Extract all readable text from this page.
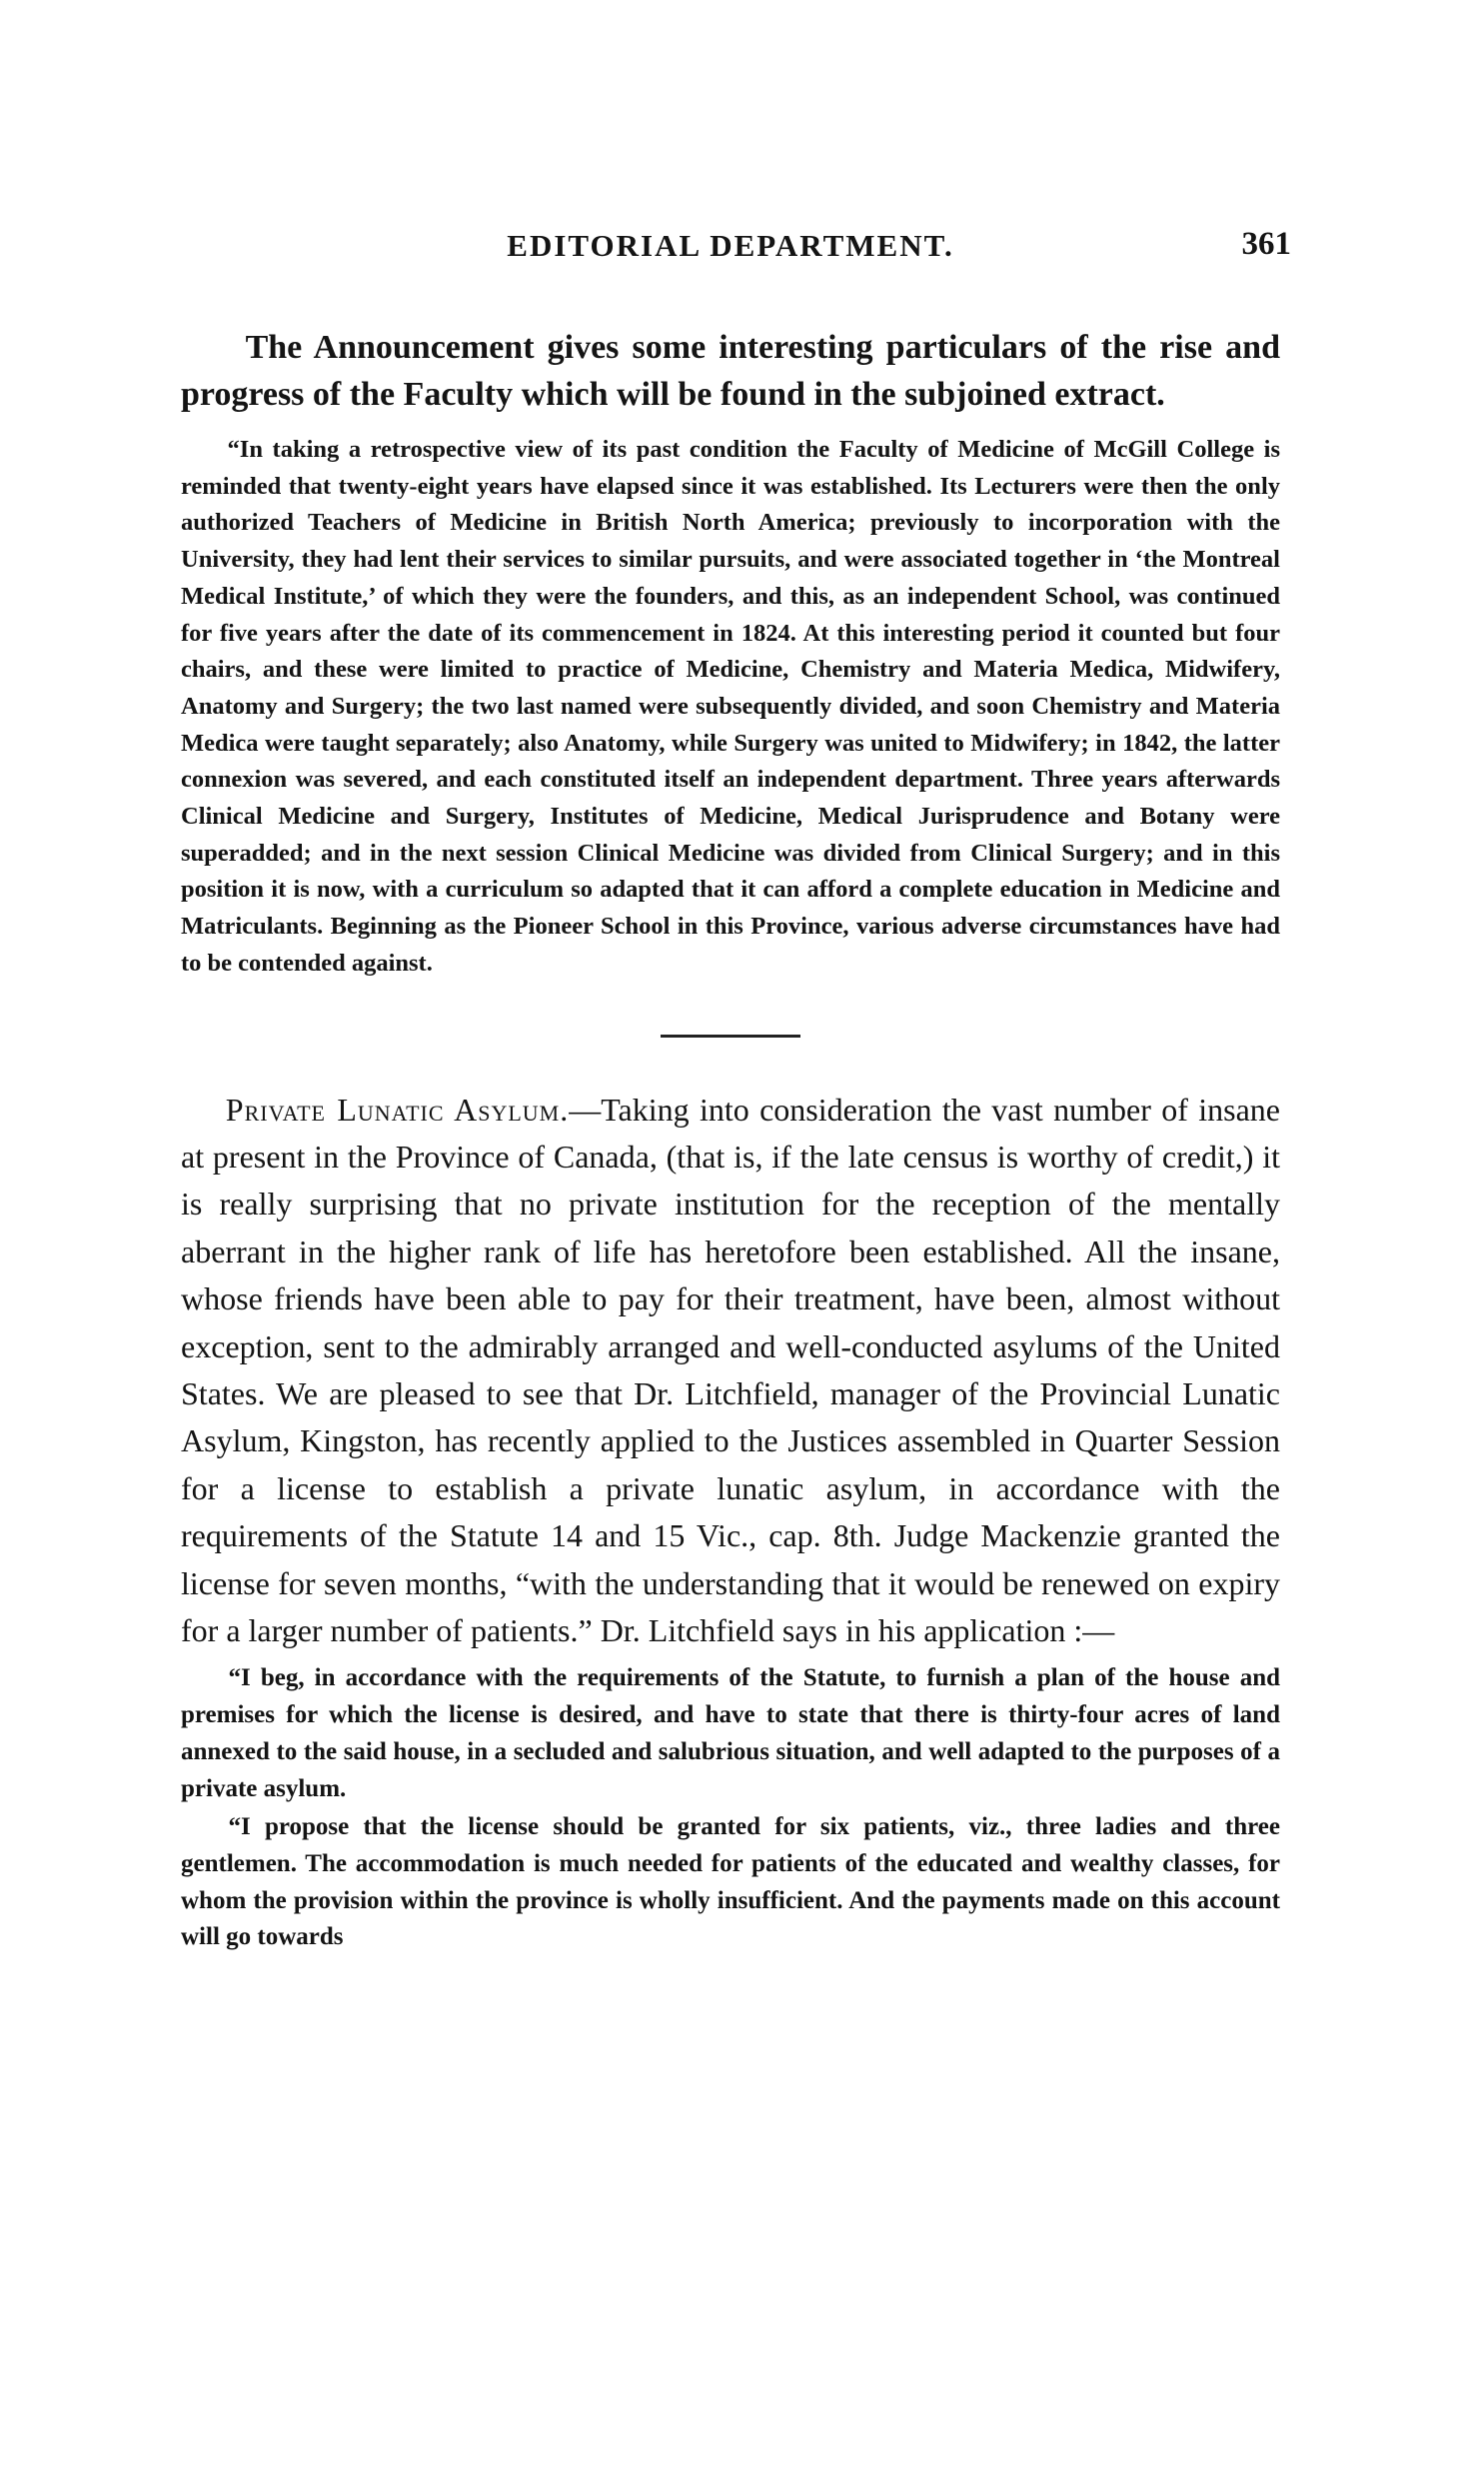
EDITORIAL DEPARTMENT.	361

The Announcement gives some interesting particulars of the rise and progress of the Faculty which will be found in the subjoined extract.

“In taking a retrospective view of its past condition the Faculty of Medicine of McGill College is reminded that twenty-eight years have elapsed since it was established. Its Lecturers were then the only authorized Teachers of Medicine in British North America; previously to incorporation with the University, they had lent their services to similar pursuits, and were associated together in ‘the Montreal Medical Institute,’ of which they were the founders, and this, as an independent School, was continued for five years after the date of its commencement in 1824. At this interesting period it counted but four chairs, and these were limited to practice of Medicine, Chemistry and Materia Medica, Midwifery, Anatomy and Surgery; the two last named were subsequently divided, and soon Chemistry and Materia Medica were taught separately; also Anatomy, while Surgery was united to Midwifery; in 1842, the latter connexion was severed, and each constituted itself an independent department. Three years afterwards Clinical Medicine and Surgery, Institutes of Medicine, Medical Jurisprudence and Botany were superadded; and in the next session Clinical Medicine was divided from Clinical Surgery; and in this position it is now, with a curriculum so adapted that it can afford a complete education in Medicine and Matriculants. Beginning as the Pioneer School in this Province, various adverse circumstances have had to be contended against.

Private Lunatic Asylum.—Taking into consideration the vast number of insane at present in the Province of Canada, (that is, if the late census is worthy of credit,) it is really surprising that no private institution for the reception of the mentally aberrant in the higher rank of life has heretofore been established. All the insane, whose friends have been able to pay for their treatment, have been, almost without exception, sent to the admirably arranged and well-conducted asylums of the United States. We are pleased to see that Dr. Litchfield, manager of the Provincial Lunatic Asylum, Kingston, has recently applied to the Justices assembled in Quarter Session for a license to establish a private lunatic asylum, in accordance with the requirements of the Statute 14 and 15 Vic., cap. 8th. Judge Mackenzie granted the license for seven months, “with the understanding that it would be renewed on expiry for a larger number of patients.” Dr. Litchfield says in his application :—

“I beg, in accordance with the requirements of the Statute, to furnish a plan of the house and premises for which the license is desired, and have to state that there is thirty-four acres of land annexed to the said house, in a secluded and salubrious situation, and well adapted to the purposes of a private asylum.

“I propose that the license should be granted for six patients, viz., three ladies and three gentlemen. The accommodation is much needed for patients of the educated and wealthy classes, for whom the provision within the province is wholly insufficient. And the payments made on this account will go towards
